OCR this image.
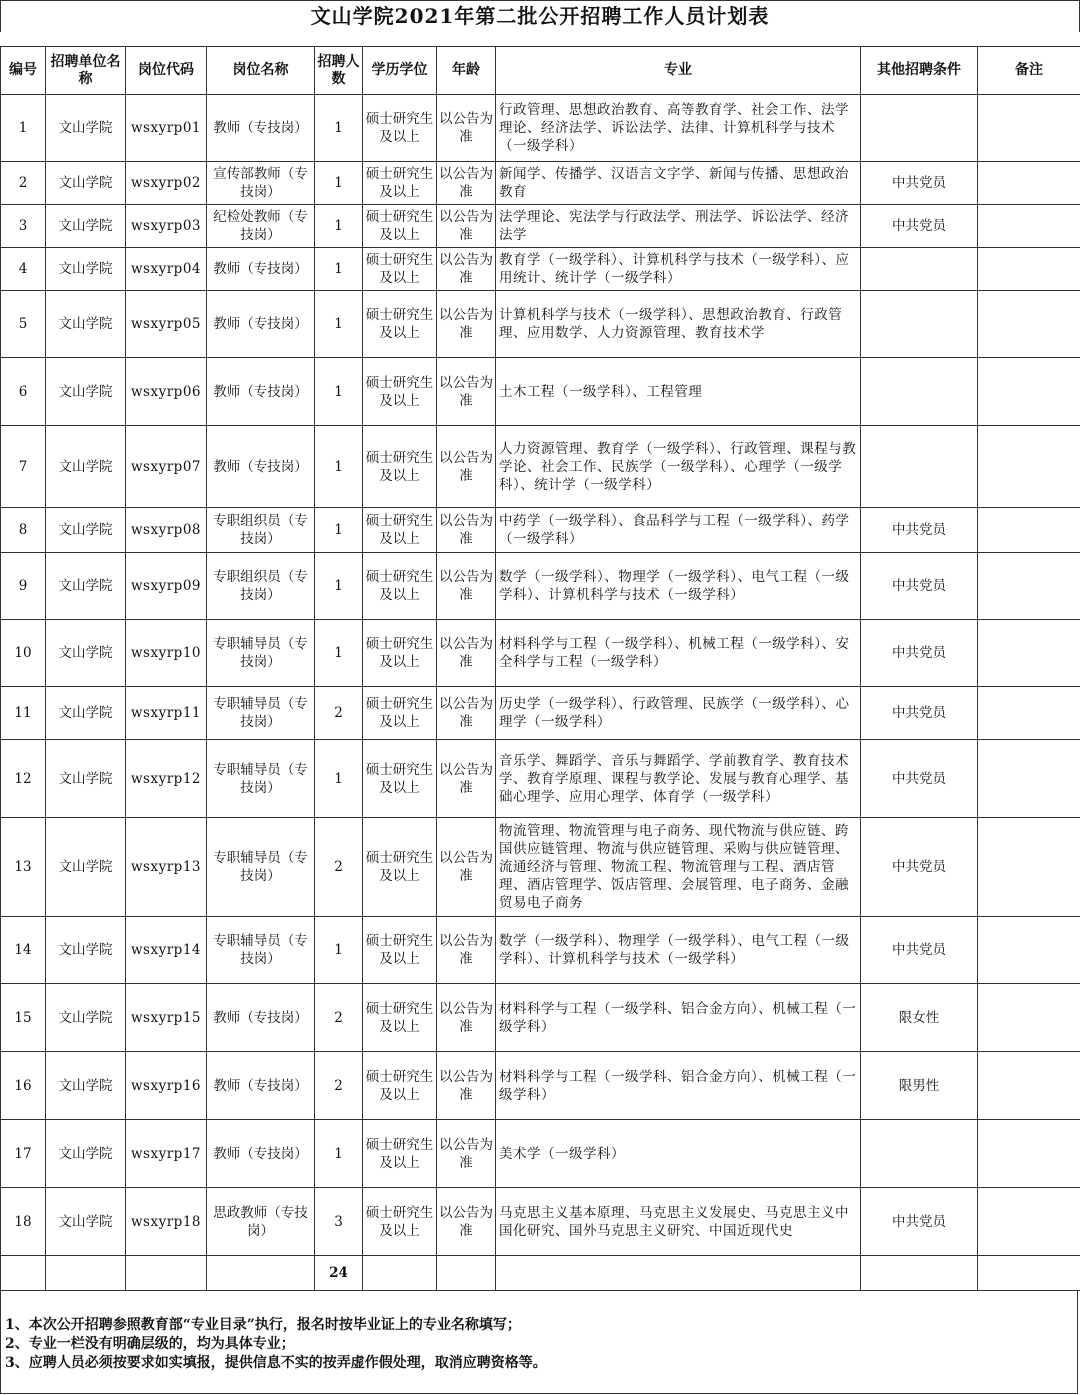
文山学院2021年第二批公开招聘工作人员计划表
编号	招聘单位名称	岗位代码	岗位名称	招聘人数	学历学位	年龄	专业	其他招聘条件	备注
1	文山学院	wsxyrp01	教师（专技岗）	1	硕士研究生及以上	以公告为准	行政管理、思想政治教育、高等教育学、社会工作、法学理论、经济法学、诉讼法学、法律、计算机科学与技术（一级学科）		
2	文山学院	wsxyrp02	宣传部教师（专技岗）	1	硕士研究生及以上	以公告为准	新闻学、传播学、汉语言文字学、新闻与传播、思想政治教育	中共党员	
3	文山学院	wsxyrp03	纪检处教师（专技岗）	1	硕士研究生及以上	以公告为准	法学理论、宪法学与行政法学、刑法学、诉讼法学、经济法学	中共党员	
4	文山学院	wsxyrp04	教师（专技岗）	1	硕士研究生及以上	以公告为准	教育学（一级学科）、计算机科学与技术（一级学科）、应用统计、统计学（一级学科）		
5	文山学院	wsxyrp05	教师（专技岗）	1	硕士研究生及以上	以公告为准	计算机科学与技术（一级学科）、思想政治教育、行政管理、应用数学、人力资源管理、教育技术学		
6	文山学院	wsxyrp06	教师（专技岗）	1	硕士研究生及以上	以公告为准	土木工程（一级学科）、工程管理		
7	文山学院	wsxyrp07	教师（专技岗）	1	硕士研究生及以上	以公告为准	人力资源管理、教育学（一级学科）、行政管理、课程与教学论、社会工作、民族学（一级学科）、心理学（一级学科）、统计学（一级学科）		
8	文山学院	wsxyrp08	专职组织员（专技岗）	1	硕士研究生及以上	以公告为准	中药学（一级学科）、食品科学与工程（一级学科）、药学（一级学科）	中共党员	
9	文山学院	wsxyrp09	专职组织员（专技岗）	1	硕士研究生及以上	以公告为准	数学（一级学科）、物理学（一级学科）、电气工程（一级学科）、计算机科学与技术（一级学科）	中共党员	
10	文山学院	wsxyrp10	专职辅导员（专技岗）	1	硕士研究生及以上	以公告为准	材料科学与工程（一级学科）、机械工程（一级学科）、安全科学与工程（一级学科）	中共党员	
11	文山学院	wsxyrp11	专职辅导员（专技岗）	2	硕士研究生及以上	以公告为准	历史学（一级学科）、行政管理、民族学（一级学科）、心理学（一级学科）	中共党员	
12	文山学院	wsxyrp12	专职辅导员（专技岗）	1	硕士研究生及以上	以公告为准	音乐学、舞蹈学、音乐与舞蹈学、学前教育学、教育技术学、教育学原理、课程与教学论、发展与教育心理学、基础心理学、应用心理学、体育学（一级学科）	中共党员	
13	文山学院	wsxyrp13	专职辅导员（专技岗）	2	硕士研究生及以上	以公告为准	物流管理、物流管理与电子商务、现代物流与供应链、跨国供应链管理、物流与供应链管理、采购与供应链管理、流通经济与管理、物流工程、物流管理与工程、酒店管理、酒店管理学、饭店管理、会展管理、电子商务、金融贸易电子商务	中共党员	
14	文山学院	wsxyrp14	专职辅导员（专技岗）	1	硕士研究生及以上	以公告为准	数学（一级学科）、物理学（一级学科）、电气工程（一级学科）、计算机科学与技术（一级学科）	中共党员	
15	文山学院	wsxyrp15	教师（专技岗）	2	硕士研究生及以上	以公告为准	材料科学与工程（一级学科、铝合金方向）、机械工程（一级学科）	限女性	
16	文山学院	wsxyrp16	教师（专技岗）	2	硕士研究生及以上	以公告为准	材料科学与工程（一级学科、铝合金方向）、机械工程（一级学科）	限男性	
17	文山学院	wsxyrp17	教师（专技岗）	1	硕士研究生及以上	以公告为准	美术学（一级学科）		
18	文山学院	wsxyrp18	思政教师（专技岗）	3	硕士研究生及以上	以公告为准	马克思主义基本原理、马克思主义发展史、马克思主义中国化研究、国外马克思主义研究、中国近现代史	中共党员	
				24					
1、本次公开招聘参照教育部“专业目录”执行，报名时按毕业证上的专业名称填写；
2、专业一栏没有明确层级的，均为具体专业；
3、应聘人员必须按要求如实填报，提供信息不实的按弄虚作假处理，取消应聘资格等。
